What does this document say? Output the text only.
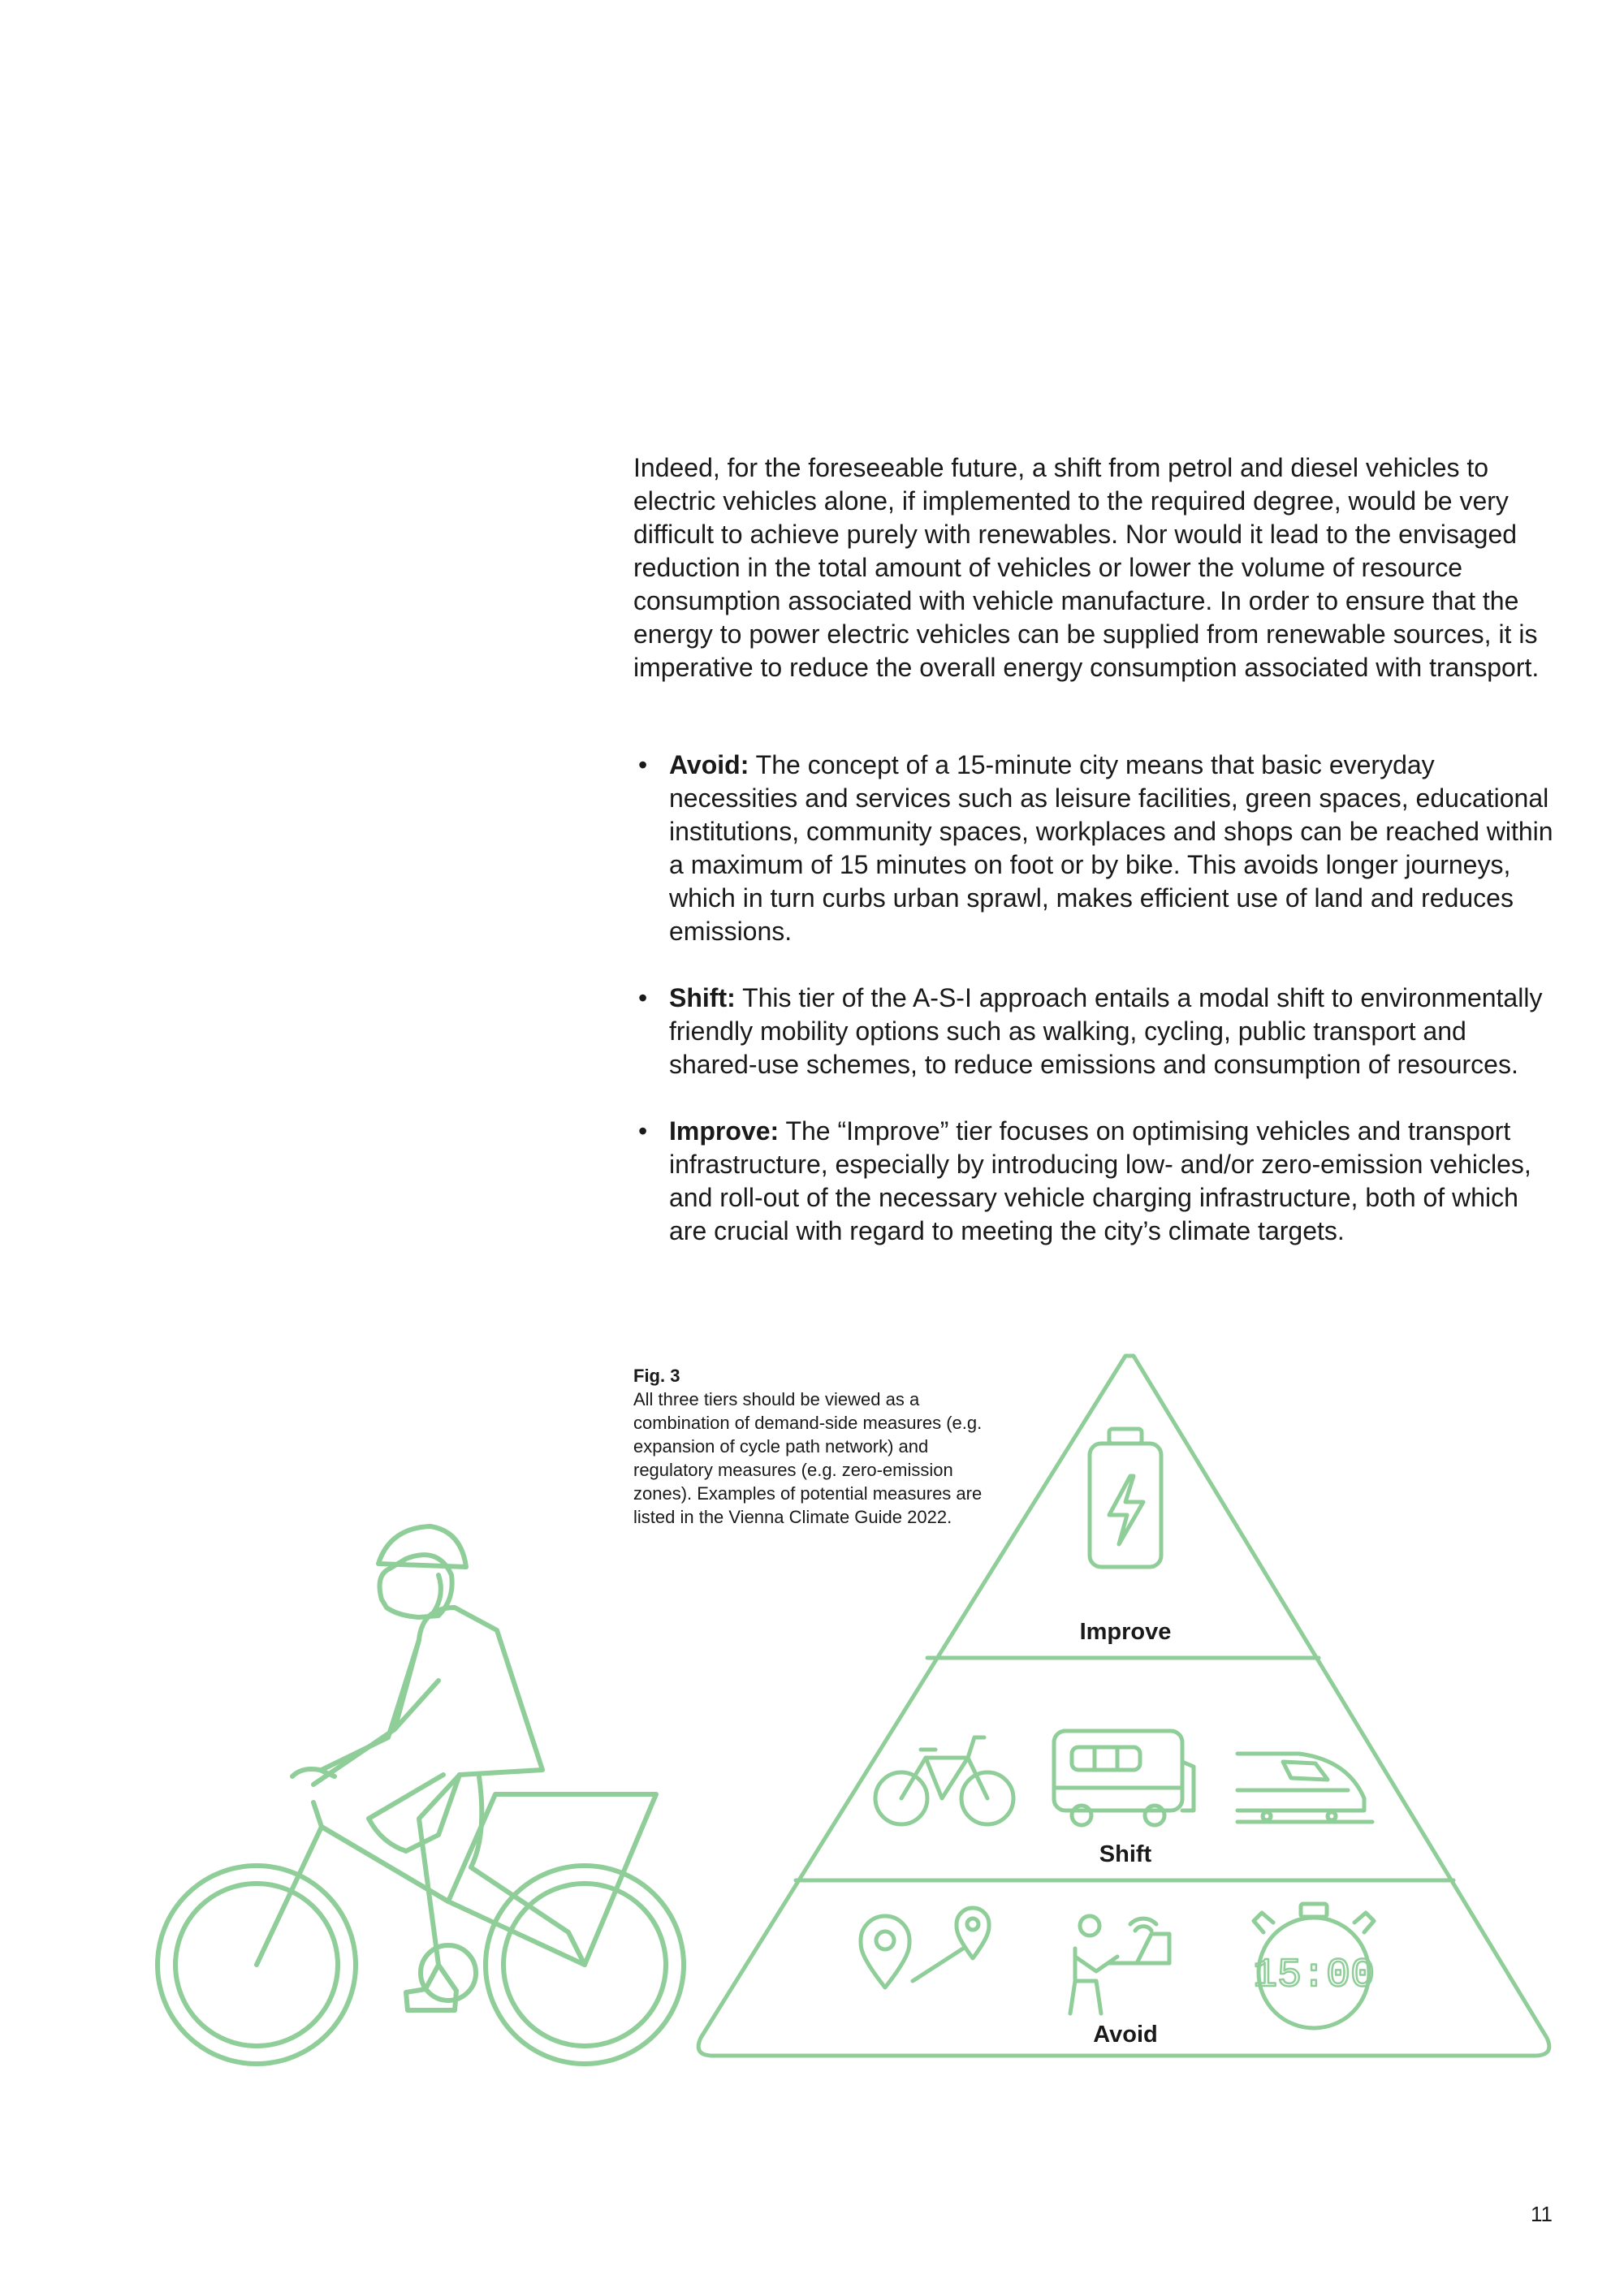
Indeed, for the foreseeable future, a shift from petrol and diesel vehicles to electric vehicles alone, if implemented to the required degree, would be very difficult to achieve purely with renewables. Nor would it lead to the envisaged reduction in the total amount of vehicles or lower the volume of resource consumption associated with vehicle manufacture. In order to ensure that the energy to power electric vehicles can be supplied from renewable sources, it is imperative to reduce the overall energy consumption associated with transport.

• Avoid: The concept of a 15-minute city means that basic everyday necessities and services such as leisure facilities, green spaces, educational institutions, community spaces, workplaces and shops can be reached within a maximum of 15 minutes on foot or by bike. This avoids longer journeys, which in turn curbs urban sprawl, makes efficient use of land and reduces emissions.
• Shift: This tier of the A-S-I approach entails a modal shift to environmentally friendly mobility options such as walking, cycling, public transport and shared-use schemes, to reduce emissions and consumption of resources.
• Improve: The “Improve” tier focuses on optimising vehicles and transport infrastructure, especially by introducing low- and/or zero-emission vehicles, and roll-out of the necessary vehicle charging infrastructure, both of which are crucial with regard to meeting the city’s climate targets.
Fig. 3
All three tiers should be viewed as a combination of demand-side measures (e.g. expansion of cycle path network) and regulatory measures (e.g. zero-emission zones). Examples of potential measures are listed in the Vienna Climate Guide 2022.
15:00
Improve
Shift
Avoid
11
